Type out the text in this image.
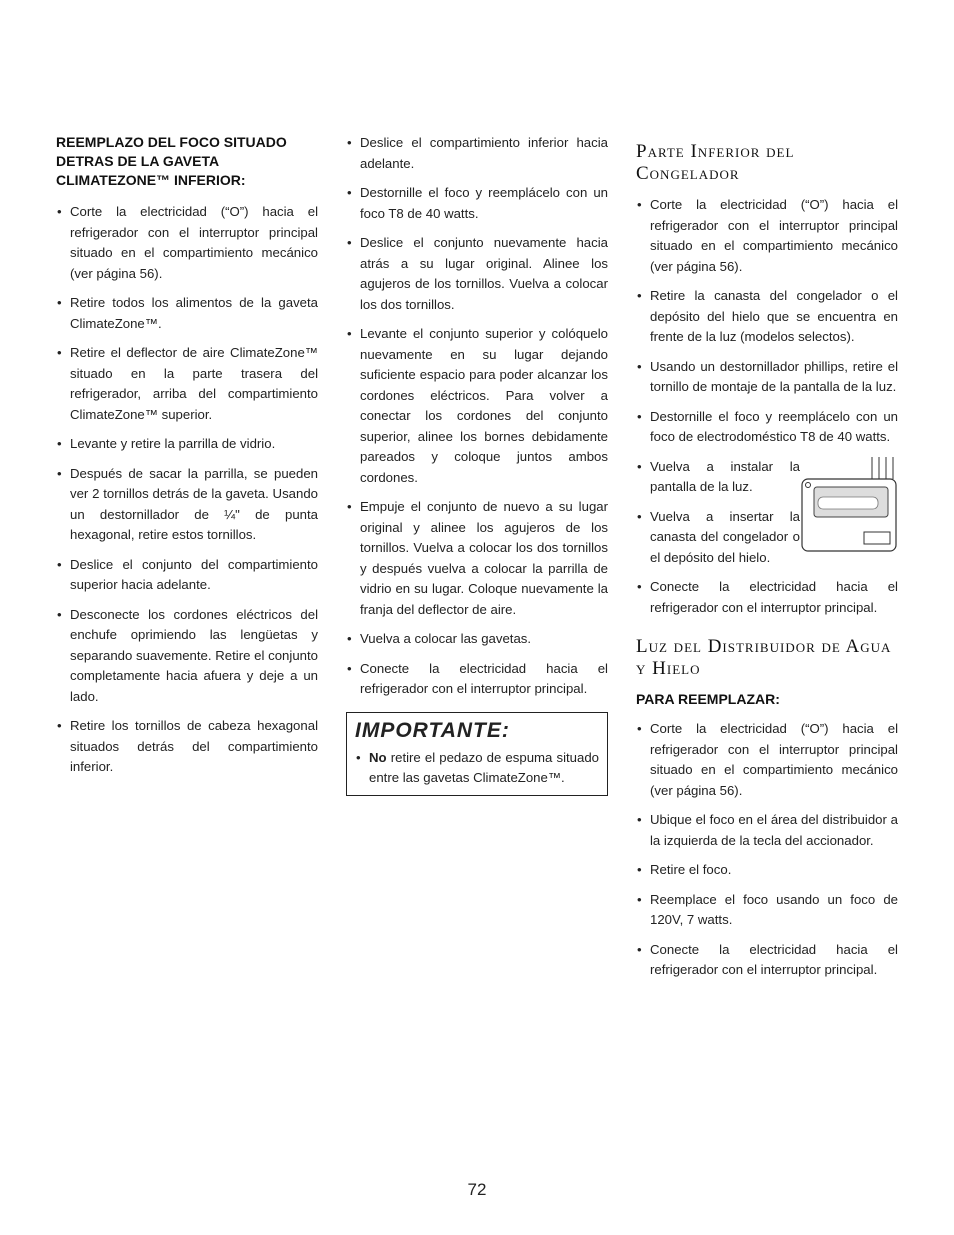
REEMPLAZO DEL FOCO SITUADO DETRAS DE LA GAVETA CLIMATEZONE™ INFERIOR:
• Corte la electricidad (“O”) hacia el refrigerador con el interruptor principal situado en el compartimiento mecánico (ver página 56).
• Retire todos los alimentos de la gaveta ClimateZone™.
• Retire el deflector de aire ClimateZone™ situado en la parte trasera del refrigerador, arriba del compartimiento ClimateZone™ superior.
• Levante y retire la parrilla de vidrio.
• Después de sacar la parrilla, se pueden ver 2 tornillos detrás de la gaveta. Usando un destornillador de ¼" de punta hexagonal, retire estos tornillos.
• Deslice el conjunto del compartimiento superior hacia adelante.
• Desconecte los cordones eléctricos del enchufe oprimiendo las lengüetas y separando suavemente. Retire el conjunto completamente hacia afuera y deje a un lado.
• Retire los tornillos de cabeza hexagonal situados detrás del compartimiento inferior.
• Deslice el compartimiento inferior hacia adelante.
• Destornille el foco y reemplácelo con un foco T8 de 40 watts.
• Deslice el conjunto nuevamente hacia atrás a su lugar original. Alinee los agujeros de los tornillos. Vuelva a colocar los dos tornillos.
• Levante el conjunto superior y colóquelo nuevamente en su lugar dejando suficiente espacio para poder alcanzar los cordones eléctricos. Para volver a conectar los cordones del conjunto superior, alinee los bornes debidamente pareados y coloque juntos ambos cordones.
• Empuje el conjunto de nuevo a su lugar original y alinee los agujeros de los tornillos. Vuelva a colocar los dos tornillos y después vuelva a colocar la parrilla de vidrio en su lugar. Coloque nuevamente la franja del deflector de aire.
• Vuelva a colocar las gavetas.
• Conecte la electricidad hacia el refrigerador con el interruptor principal.
IMPORTANTE:
• No retire el pedazo de espuma situado entre las gavetas ClimateZone™.
Parte Inferior del Congelador
• Corte la electricidad (“O”) hacia el refrigerador con el interruptor principal situado en el compartimiento mecánico (ver página 56).
• Retire la canasta del congelador o el depósito del hielo que se encuentra en frente de la luz (modelos selectos).
• Usando un destornillador phillips, retire el tornillo de montaje de la pantalla de la luz.
• Destornille el foco y reemplácelo con un foco de electrodoméstico T8 de 40 watts.
• Vuelva a instalar la pantalla de la luz.
• Vuelva a insertar la canasta del congelador o el depósito del hielo.
• Conecte la electricidad hacia el refrigerador con el interruptor principal.
Luz del Distribuidor de Agua y Hielo
PARA REEMPLAZAR:
• Corte la electricidad (“O”) hacia el refrigerador con el interruptor principal situado en el compartimiento mecánico (ver página 56).
• Ubique el foco en el área del distribuidor a la izquierda de la tecla del accionador.
• Retire el foco.
• Reemplace el foco usando un foco de 120V, 7 watts.
• Conecte la electricidad hacia el refrigerador con el interruptor principal.
72
